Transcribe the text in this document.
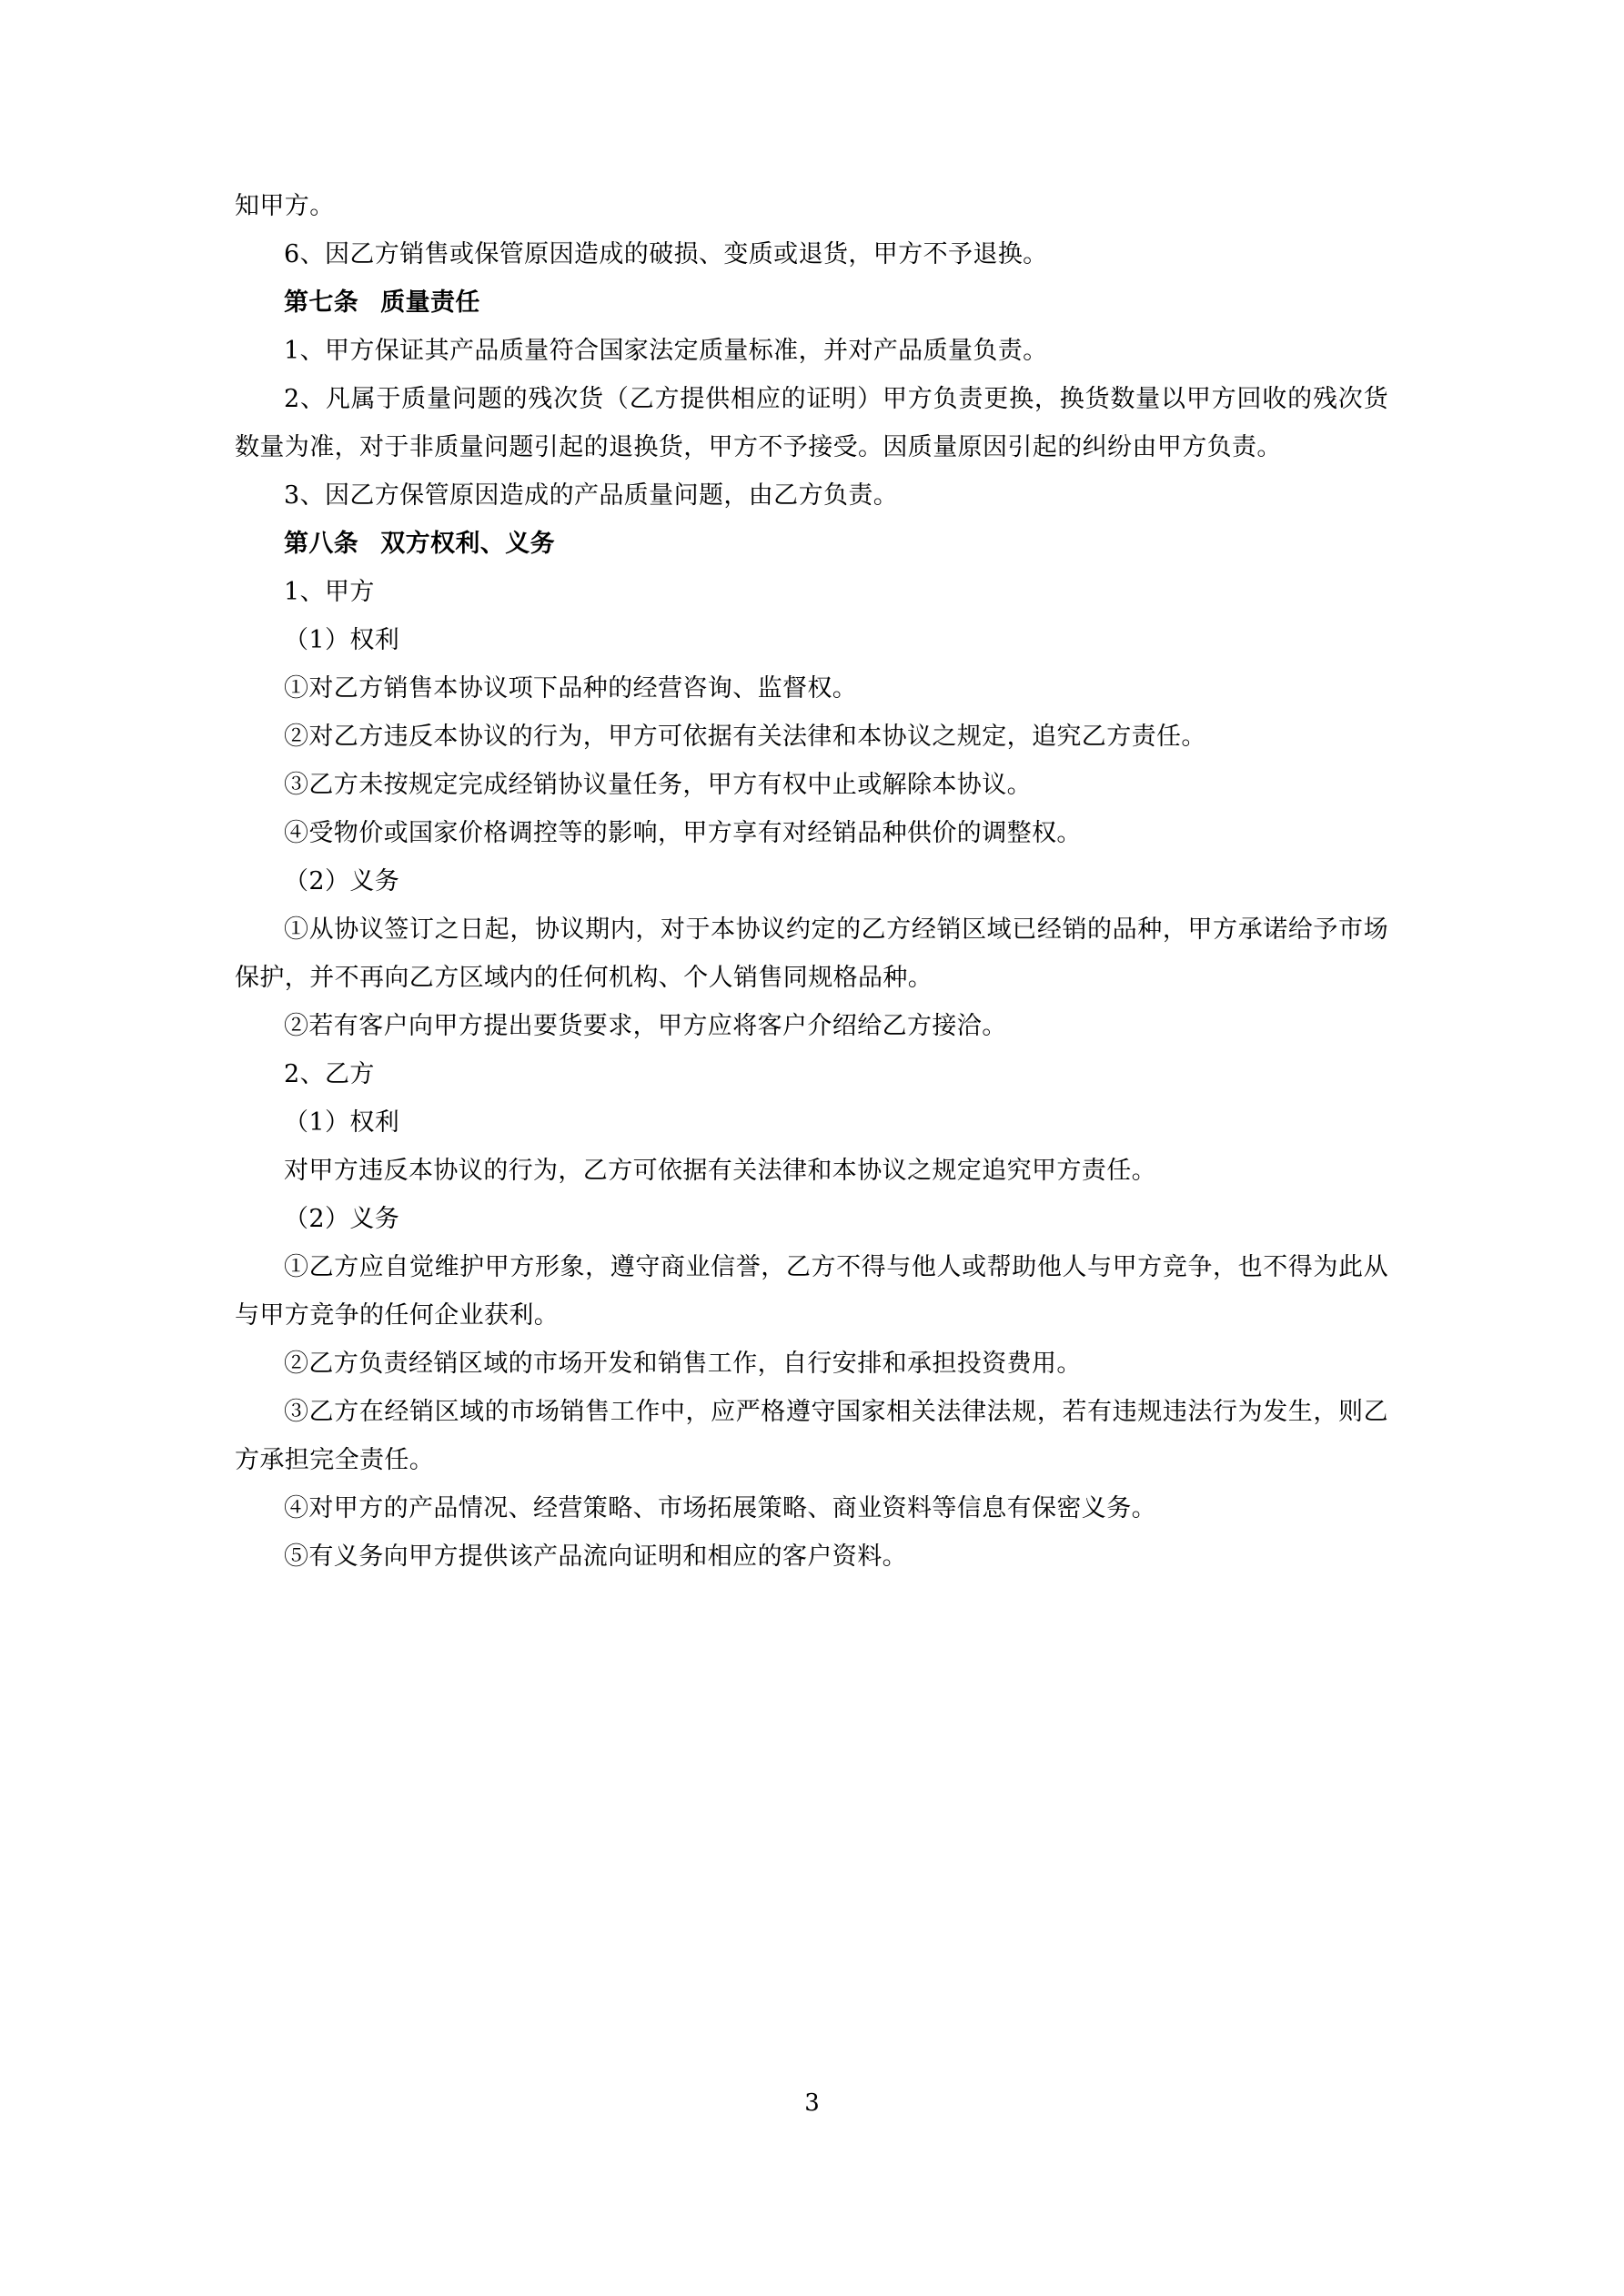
知甲方。

6、因乙方销售或保管原因造成的破损、变质或退货，甲方不予退换。

第七条 质量责任

1、甲方保证其产品质量符合国家法定质量标准，并对产品质量负责。

2、凡属于质量问题的残次货（乙方提供相应的证明）甲方负责更换，换货数量以甲方回收的残次货数量为准，对于非质量问题引起的退换货，甲方不予接受。因质量原因引起的纠纷由甲方负责。

3、因乙方保管原因造成的产品质量问题，由乙方负责。

第八条 双方权利、义务

1、甲方

（1）权利

①对乙方销售本协议项下品种的经营咨询、监督权。

②对乙方违反本协议的行为，甲方可依据有关法律和本协议之规定，追究乙方责任。

③乙方未按规定完成经销协议量任务，甲方有权中止或解除本协议。

④受物价或国家价格调控等的影响，甲方享有对经销品种供价的调整权。

（2）义务

①从协议签订之日起，协议期内，对于本协议约定的乙方经销区域已经销的品种，甲方承诺给予市场保护，并不再向乙方区域内的任何机构、个人销售同规格品种。

②若有客户向甲方提出要货要求，甲方应将客户介绍给乙方接洽。

2、乙方

（1）权利

对甲方违反本协议的行为，乙方可依据有关法律和本协议之规定追究甲方责任。

（2）义务

①乙方应自觉维护甲方形象，遵守商业信誉，乙方不得与他人或帮助他人与甲方竞争，也不得为此从与甲方竞争的任何企业获利。

②乙方负责经销区域的市场开发和销售工作，自行安排和承担投资费用。

③乙方在经销区域的市场销售工作中，应严格遵守国家相关法律法规，若有违规违法行为发生，则乙方承担完全责任。

④对甲方的产品情况、经营策略、市场拓展策略、商业资料等信息有保密义务。

⑤有义务向甲方提供该产品流向证明和相应的客户资料。

3
